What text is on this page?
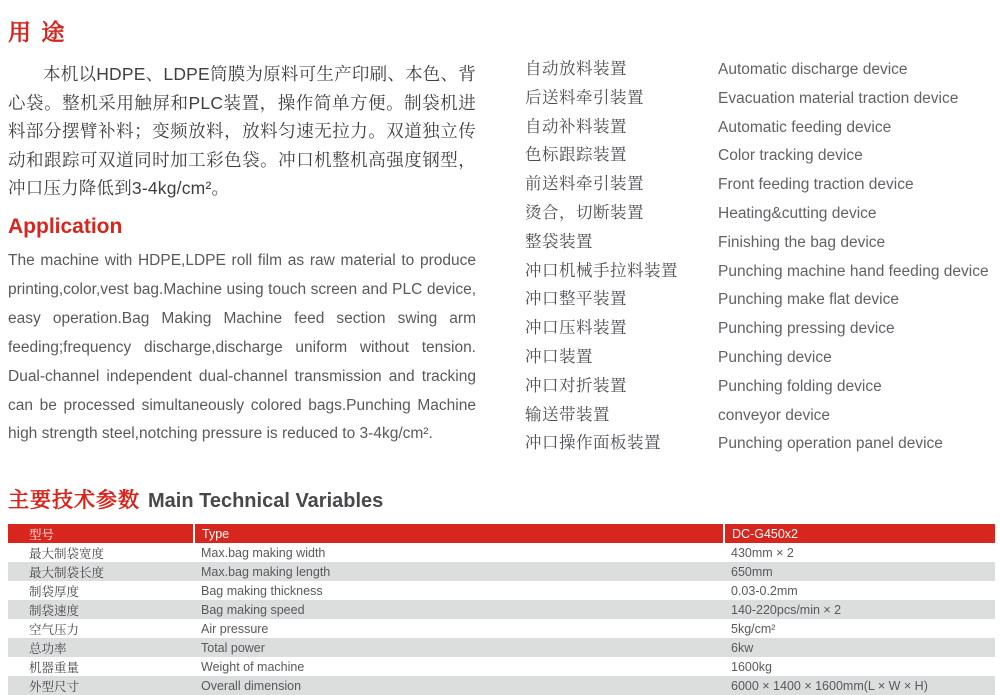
用 途

本机以HDPE、LDPE筒膜为原料可生产印刷、本色、背心袋。整机采用触屏和PLC装置，操作简单方便。制袋机进料部分摆臂补料；变频放料，放料匀速无拉力。双道独立传动和跟踪可双道同时加工彩色袋。冲口机整机高强度钢型，冲口压力降低到3-4kg/cm²。

Application

The machine with HDPE,LDPE roll film as raw material to produce printing,color,vest bag.Machine using touch screen and PLC device, easy operation.Bag Making Machine feed section swing arm feeding;frequency discharge,discharge uniform without tension. Dual-channel independent dual-channel transmission and tracking can be processed simultaneously colored bags.Punching Machine high strength steel,notching pressure is reduced to 3-4kg/cm².

自动放料装置	Automatic discharge device
后送料牵引装置	Evacuation material traction device
自动补料装置	Automatic feeding device
色标跟踪装置	Color tracking device
前送料牵引装置	Front feeding traction device
烫合，切断装置	Heating&cutting device
整袋装置	Finishing the bag device
冲口机械手拉料装置	Punching machine hand feeding device
冲口整平装置	Punching make flat device
冲口压料装置	Punching pressing device
冲口装置	Punching device
冲口对折装置	Punching folding device
输送带装置	conveyor device
冲口操作面板装置	Punching operation panel device
主要技术参数 Main Technical Variables
型号	Type	DC-G450x2
最大制袋宽度	Max.bag making width	430mm × 2
最大制袋长度	Max.bag making length	650mm
制袋厚度	Bag making thickness	0.03-0.2mm
制袋速度	Bag making speed	140-220pcs/min × 2
空气压力	Air pressure	5kg/cm²
总功率	Total power	6kw
机器重量	Weight of machine	1600kg
外型尺寸	Overall dimension	6000 × 1400 × 1600mm(L × W × H)
